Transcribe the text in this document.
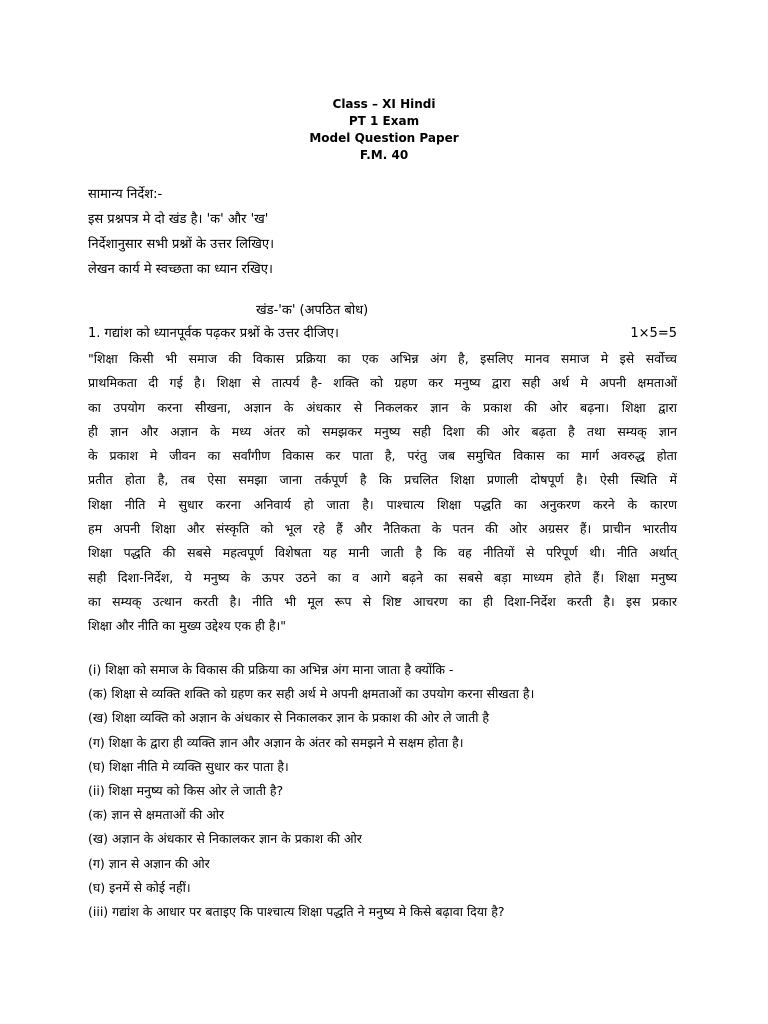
Class – XI Hindi
PT 1 Exam
Model Question Paper
F.M. 40
सामान्य निर्देश:-
इस प्रश्नपत्र मे दो खंड है। 'क' और 'ख'
निर्देशानुसार सभी प्रश्नों के उत्तर लिखिए।
लेखन कार्य मे स्वच्छता का ध्यान रखिए।
खंड-'क' (अपठित बोध)
1. गद्यांश को ध्यानपूर्वक पढ़कर प्रश्नों के उत्तर दीजिए।	1×5=5
"शिक्षा किसी भी समाज की विकास प्रक्रिया का एक अभिन्न अंग है, इसलिए मानव समाज मे इसे सर्वोच्च
प्राथमिकता दी गई है। शिक्षा से तात्पर्य है- शक्ति को ग्रहण कर मनुष्य द्वारा सही अर्थ मे अपनी क्षमताओं
का उपयोग करना सीखना, अज्ञान के अंधकार से निकलकर ज्ञान के प्रकाश की ओर बढ़ना। शिक्षा द्वारा
ही ज्ञान और अज्ञान के मध्य अंतर को समझकर मनुष्य सही दिशा की ओर बढ़ता है तथा सम्यक् ज्ञान
के प्रकाश मे जीवन का सर्वांगीण विकास कर पाता है, परंतु जब समुचित विकास का मार्ग अवरुद्ध होता
प्रतीत होता है, तब ऐसा समझा जाना तर्कपूर्ण है कि प्रचलित शिक्षा प्रणाली दोषपूर्ण है। ऐसी स्थिति में
शिक्षा नीति मे सुधार करना अनिवार्य हो जाता है। पाश्चात्य शिक्षा पद्धति का अनुकरण करने के कारण
हम अपनी शिक्षा और संस्कृति को भूल रहे हैं और नैतिकता के पतन की ओर अग्रसर हैं। प्राचीन भारतीय
शिक्षा पद्धति की सबसे महत्वपूर्ण विशेषता यह मानी जाती है कि वह नीतियों से परिपूर्ण थी। नीति अर्थात्
सही दिशा-निर्देश, ये मनुष्य के ऊपर उठने का व आगे बढ़ने का सबसे बड़ा माध्यम होते हैं। शिक्षा मनुष्य
का सम्यक् उत्थान करती है। नीति भी मूल रूप से शिष्ट आचरण का ही दिशा-निर्देश करती है। इस प्रकार
शिक्षा और नीति का मुख्य उद्देश्य एक ही है।"
(i) शिक्षा को समाज के विकास की प्रक्रिया का अभिन्न अंग माना जाता है क्योंकि -
(क) शिक्षा से व्यक्ति शक्ति को ग्रहण कर सही अर्थ मे अपनी क्षमताओं का उपयोग करना सीखता है।
(ख) शिक्षा व्यक्ति को अज्ञान के अंधकार से निकालकर ज्ञान के प्रकाश की ओर ले जाती है
(ग) शिक्षा के द्वारा ही व्यक्ति ज्ञान और अज्ञान के अंतर को समझने मे सक्षम होता है।
(घ) शिक्षा नीति मे व्यक्ति सुधार कर पाता है।
(ii) शिक्षा मनुष्य को किस ओर ले जाती है?
(क) ज्ञान से क्षमताओं की ओर
(ख) अज्ञान के अंधकार से निकालकर ज्ञान के प्रकाश की ओर
(ग) ज्ञान से अज्ञान की ओर
(घ) इनमें से कोई नहीं।
(iii) गद्यांश के आधार पर बताइए कि पाश्चात्य शिक्षा पद्धति ने मनुष्य मे किसे बढ़ावा दिया है?
